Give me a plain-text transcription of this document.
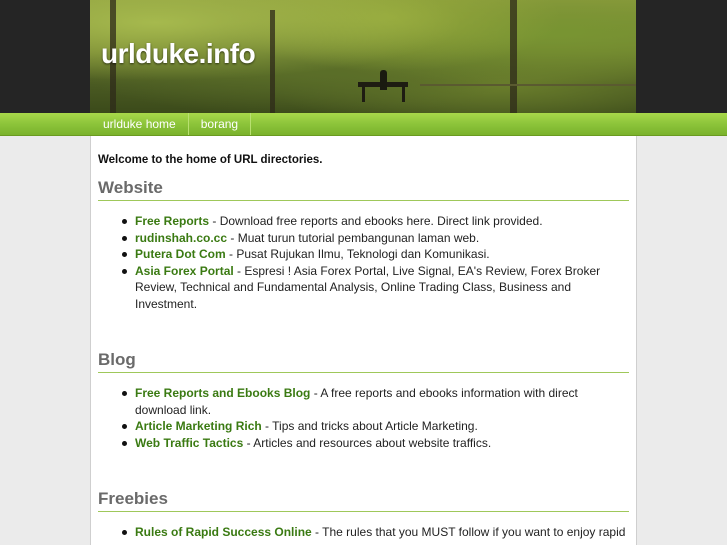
urlduke.info
urlduke home	borang

Welcome to the home of URL directories.

Website
Free Reports - Download free reports and ebooks here. Direct link provided.
rudinshah.co.cc - Muat turun tutorial pembangunan laman web.
Putera Dot Com - Pusat Rujukan Ilmu, Teknologi dan Komunikasi.
Asia Forex Portal - Espresi ! Asia Forex Portal, Live Signal, EA's Review, Forex Broker Review, Technical and Fundamental Analysis, Online Trading Class, Business and Investment.
Blog
Free Reports and Ebooks Blog - A free reports and ebooks information with direct download link.
Article Marketing Rich - Tips and tricks about Article Marketing.
Web Traffic Tactics - Articles and resources about website traffics.
Freebies
Rules of Rapid Success Online - The rules that you MUST follow if you want to enjoy rapid
